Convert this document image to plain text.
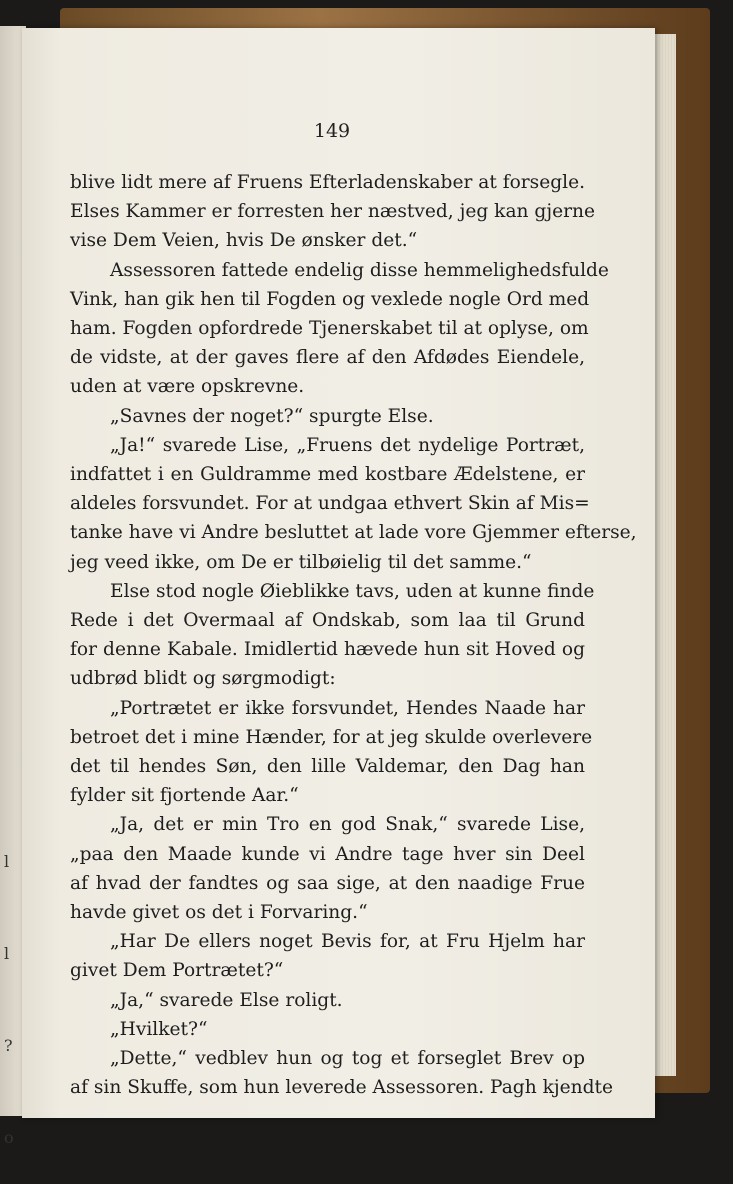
l
l
?
o
149
blive lidt mere af Fruens Efterladenskaber at forsegle.
Elses Kammer er forresten her næstved, jeg kan gjerne
vise Dem Veien, hvis De ønsker det.“
Assessoren fattede endelig disse hemmelighedsfulde
Vink, han gik hen til Fogden og vexlede nogle Ord med
ham. Fogden opfordrede Tjenerskabet til at oplyse, om
de vidste, at der gaves flere af den Afdødes Eiendele,
uden at være opskrevne.
„Savnes der noget?“ spurgte Else.
„Ja!“ svarede Lise, „Fruens det nydelige Portræt,
indfattet i en Guldramme med kostbare Ædelstene, er
aldeles forsvundet. For at undgaa ethvert Skin af Mis=
tanke have vi Andre besluttet at lade vore Gjemmer efterse,
jeg veed ikke, om De er tilbøielig til det samme.“
Else stod nogle Øieblikke tavs, uden at kunne finde
Rede i det Overmaal af Ondskab, som laa til Grund
for denne Kabale. Imidlertid hævede hun sit Hoved og
udbrød blidt og sørgmodigt:
„Portrætet er ikke forsvundet, Hendes Naade har
betroet det i mine Hænder, for at jeg skulde overlevere
det til hendes Søn, den lille Valdemar, den Dag han
fylder sit fjortende Aar.“
„Ja, det er min Tro en god Snak,“ svarede Lise,
„paa den Maade kunde vi Andre tage hver sin Deel
af hvad der fandtes og saa sige, at den naadige Frue
havde givet os det i Forvaring.“
„Har De ellers noget Bevis for, at Fru Hjelm har
givet Dem Portrætet?“
„Ja,“ svarede Else roligt.
„Hvilket?“
„Dette,“ vedblev hun og tog et forseglet Brev op
af sin Skuffe, som hun leverede Assessoren. Pagh kjendte
